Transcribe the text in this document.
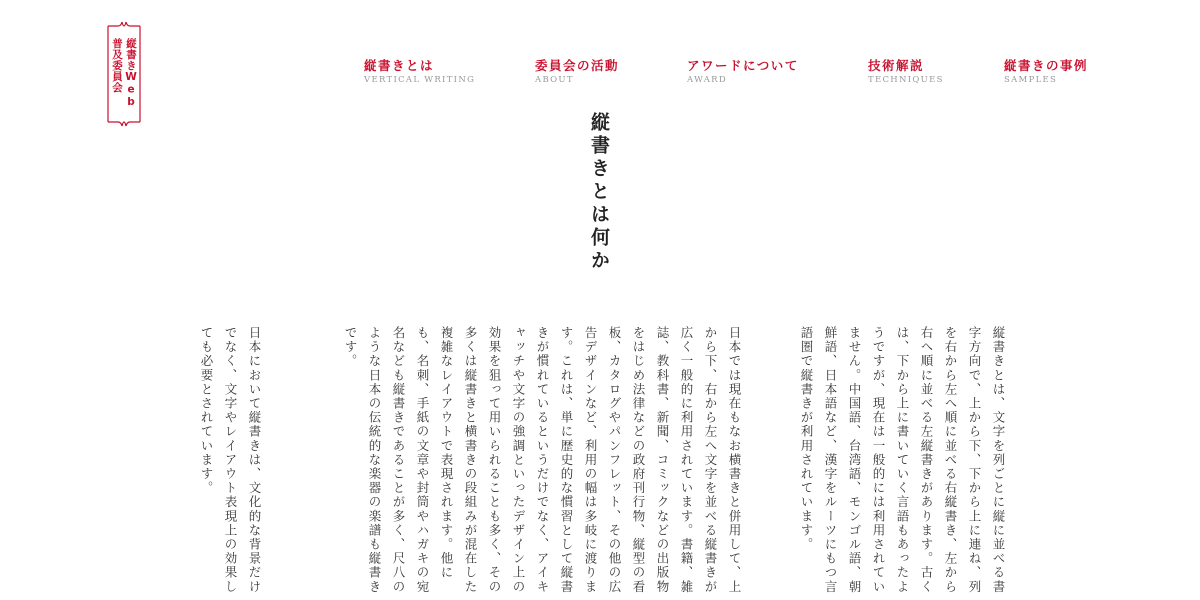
縦書きWeb
普及委員会	縦書きとは
VERTICAL WRITING
委員会の活動
ABOUT
アワードについて
AWARD
技術解説
TECHNIQUES
縦書きの事例
SAMPLES
縦書きとは何か

縦書きとは、文字を列ごとに縦に並べる書字方向で、上から下、下から上に連ね、列を右から左へ順に並べる右縦書き、左から右へ順に並べる左縦書きがあります。古くは、下から上に書いていく言語もあったようですが、現在は一般的には利用されていません。中国語、台湾語、モンゴル語、朝鮮語、日本語など、漢字をルーツにもつ言語圏で縦書きが利用されています。

日本では現在もなお横書きと併用して、上から下、右から左へ文字を並べる縦書きが広く一般的に利用されています。書籍、雑誌、教科書、新聞、コミックなどの出版物をはじめ法律などの政府刊行物、縦型の看板、カタログやパンフレット、その他の広告デザインなど、利用の幅は多岐に渡ります。これは、単に歴史的な慣習として縦書きが慣れているというだけでなく、アイキャッチや文字の強調といったデザイン上の効果を狙って用いられることも多く、その多くは縦書きと横書きの段組みが混在した複雑なレイアウトで表現されます。他にも、名刺、手紙の文章や封筒やハガキの宛名なども縦書きであることが多く、尺八のような日本の伝統的な楽器の楽譜も縦書きです。

日本において縦書きは、文化的な背景だけでなく、文字やレイアウト表現上の効果しても必要とされています。
